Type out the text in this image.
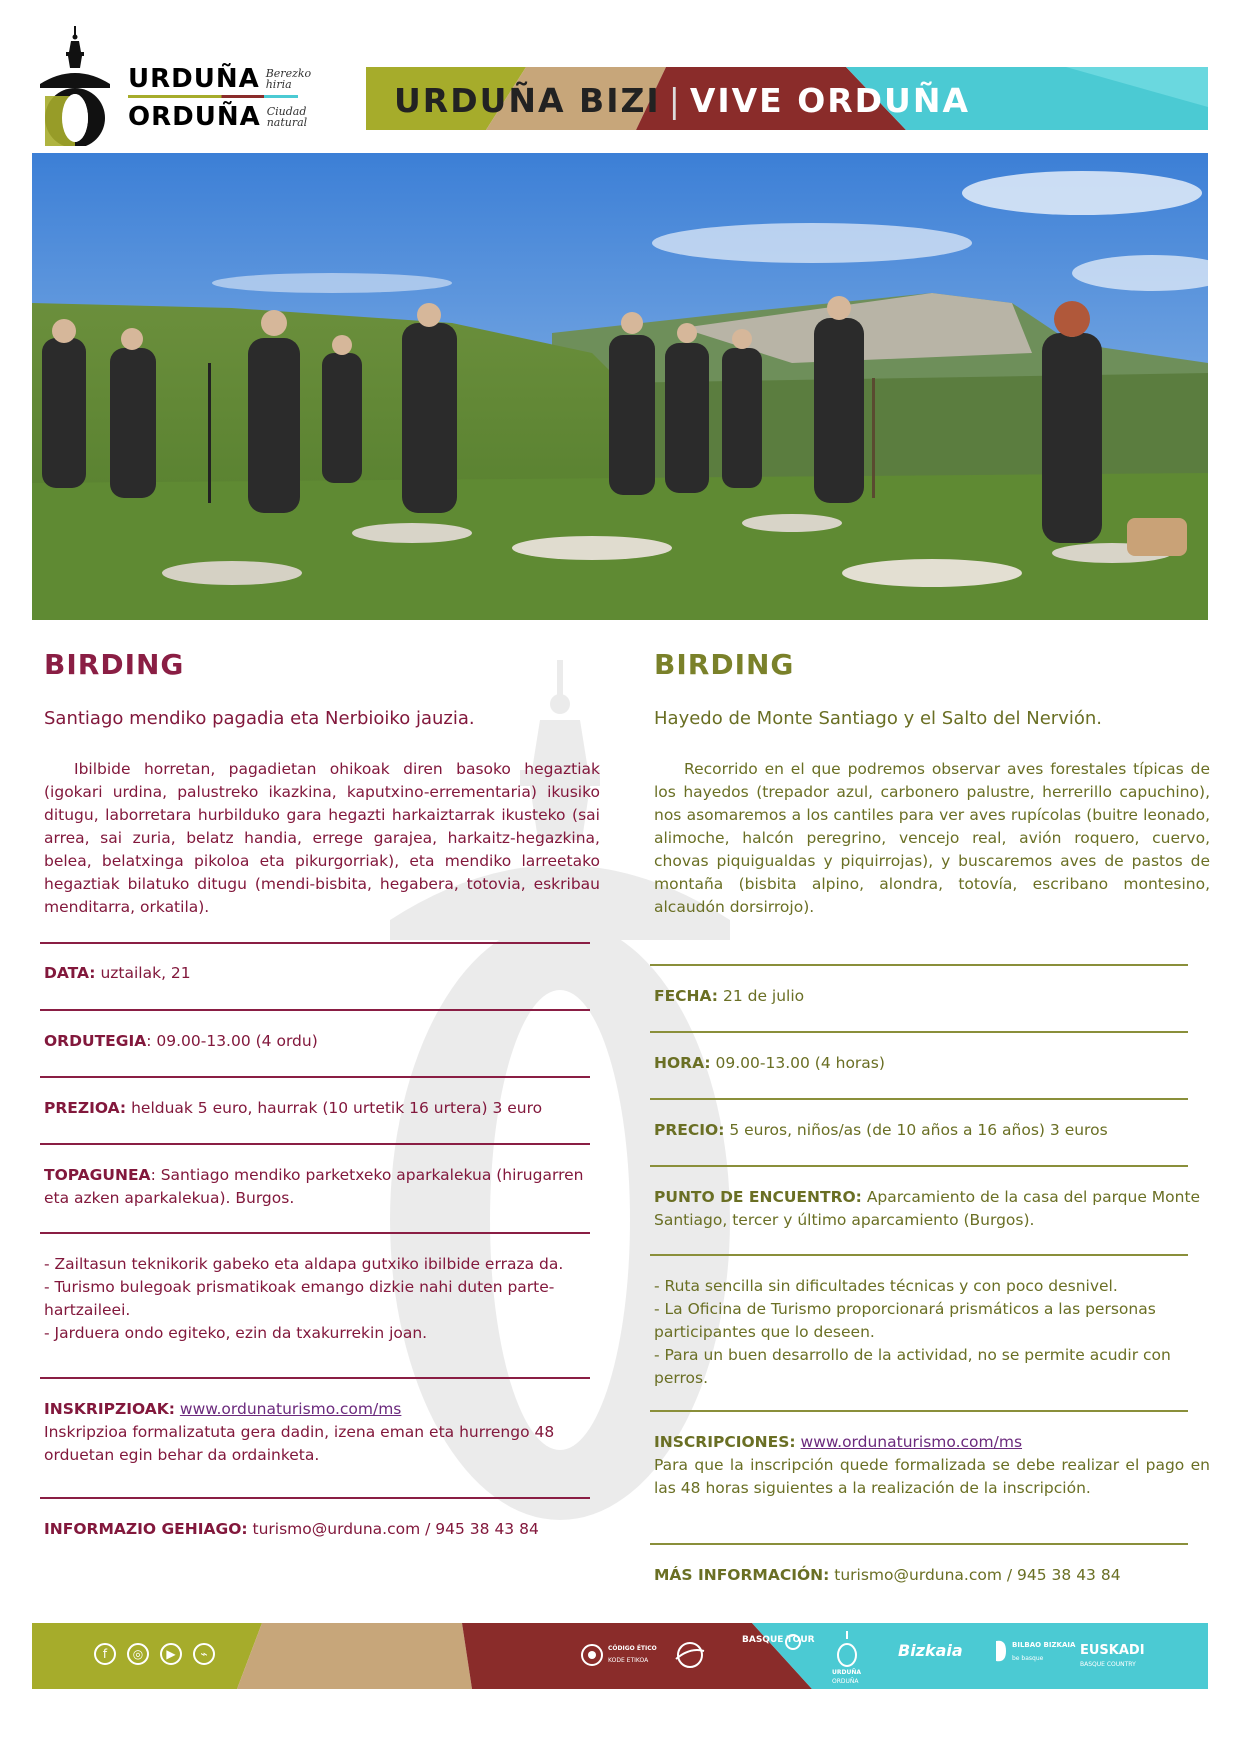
URDUÑA Berezko hiria
ORDUÑA Ciudad natural
URDUÑA BIZI | VIVE ORDUÑA
BIRDING

Santiago mendiko pagadia eta Nerbioiko jauzia.

Ibilbide horretan, pagadietan ohikoak diren basoko hegaztiak (igokari urdina, palustreko ikazkina, kaputxino-errementaria) ikusiko ditugu, laborretara hurbilduko gara hegazti harkaiztarrak ikusteko (sai arrea, sai zuria, belatz handia, errege garajea, harkaitz-hegazkina, belea, belatxinga pikoloa eta pikurgorriak), eta mendiko larreetako hegaztiak bilatuko ditugu (mendi-bisbita, hegabera, totovia, eskribau menditarra, orkatila).

DATA: uztailak, 21

ORDUTEGIA: 09.00-13.00 (4 ordu)

PREZIOA: helduak 5 euro, haurrak (10 urtetik 16 urtera) 3 euro

TOPAGUNEA: Santiago mendiko parketxeko aparkalekua (hirugarren eta azken aparkalekua). Burgos.

- Zailtasun teknikorik gabeko eta aldapa gutxiko ibilbide erraza da.

- Turismo bulegoak prismatikoak emango dizkie nahi duten parte-hartzaileei.

- Jarduera ondo egiteko, ezin da txakurrekin joan.

INSKRIPZIOAK: www.ordunaturismo.com/ms

Inskripzioa formalizatuta gera dadin, izena eman eta hurrengo 48 orduetan egin behar da ordainketa.

INFORMAZIO GEHIAGO: turismo@urduna.com / 945 38 43 84

BIRDING

Hayedo de Monte Santiago y el Salto del Nervión.

Recorrido en el que podremos observar aves forestales típicas de los hayedos (trepador azul, carbonero palustre, herrerillo capuchino), nos asomaremos a los cantiles para ver aves rupícolas (buitre leonado, alimoche, halcón peregrino, vencejo real, avión roquero, cuervo, chovas piquigualdas y piquirrojas), y buscaremos aves de pastos de montaña (bisbita alpino, alondra, totovía, escribano montesino, alcaudón dorsirrojo).

FECHA: 21 de julio

HORA: 09.00-13.00 (4 horas)

PRECIO: 5 euros, niños/as (de 10 años a 16 años) 3 euros

PUNTO DE ENCUENTRO: Aparcamiento de la casa del parque Monte Santiago, tercer y último aparcamiento (Burgos).

- Ruta sencilla sin dificultades técnicas y con poco desnivel.

- La Oficina de Turismo proporcionará prismáticos a las personas participantes que lo deseen.

- Para un buen desarrollo de la actividad, no se permite acudir con perros.

INSCRIPCIONES: www.ordunaturismo.com/ms

Para que la inscripción quede formalizada se debe realizar el pago en las 48 horas siguientes a la realización de la inscripción.

MÁS INFORMACIÓN: turismo@urduna.com / 945 38 43 84

f	◎	▶	⌁	CÓDIGO ÉTICO
KODE ETIKOA
BASQUE TOUR
URDUÑA
ORDUÑA
Bizkaia	BILBAO BIZKAIA
be basque
EUSKADI
BASQUE COUNTRY
